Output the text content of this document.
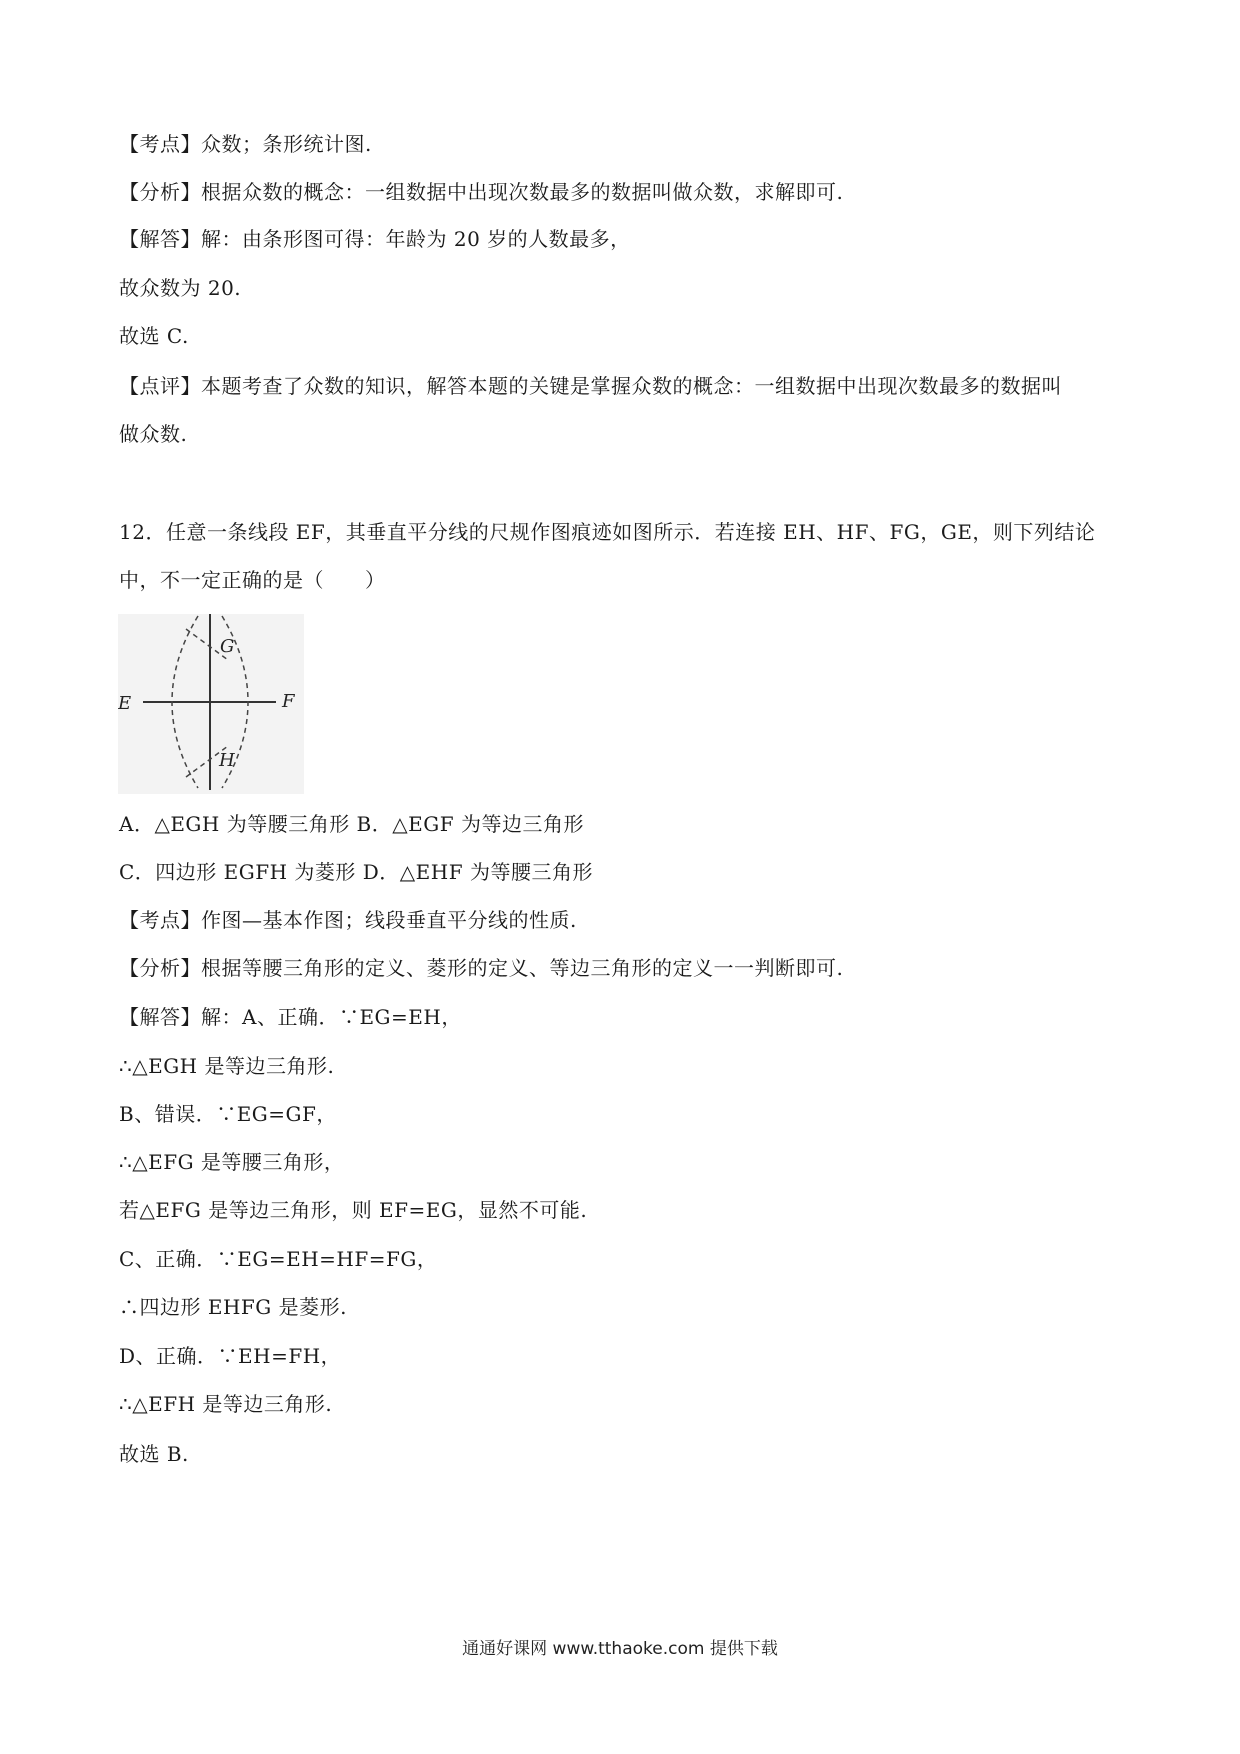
【考点】众数；条形统计图.
【分析】根据众数的概念：一组数据中出现次数最多的数据叫做众数，求解即可.
【解答】解：由条形图可得：年龄为 20 岁的人数最多，
故众数为 20.
故选 C.
【点评】本题考查了众数的知识，解答本题的关键是掌握众数的概念：一组数据中出现次数最多的数据叫
做众数.
12．任意一条线段 EF，其垂直平分线的尺规作图痕迹如图所示．若连接 EH、HF、FG，GE，则下列结论
中，不一定正确的是（　　）
E	F
G
H
A．△EGH 为等腰三角形 B．△EGF 为等边三角形
C．四边形 EGFH 为菱形 D．△EHF 为等腰三角形
【考点】作图—基本作图；线段垂直平分线的性质.
【分析】根据等腰三角形的定义、菱形的定义、等边三角形的定义一一判断即可.
【解答】解：A、正确．∵EG=EH，
∴△EGH 是等边三角形.
B、错误．∵EG=GF，
∴△EFG 是等腰三角形，
若△EFG 是等边三角形，则 EF=EG，显然不可能.
C、正确．∵EG=EH=HF=FG，
∴四边形 EHFG 是菱形.
D、正确．∵EH=FH，
∴△EFH 是等边三角形.
故选 B.
通通好课网 www.tthaoke.com 提供下载
